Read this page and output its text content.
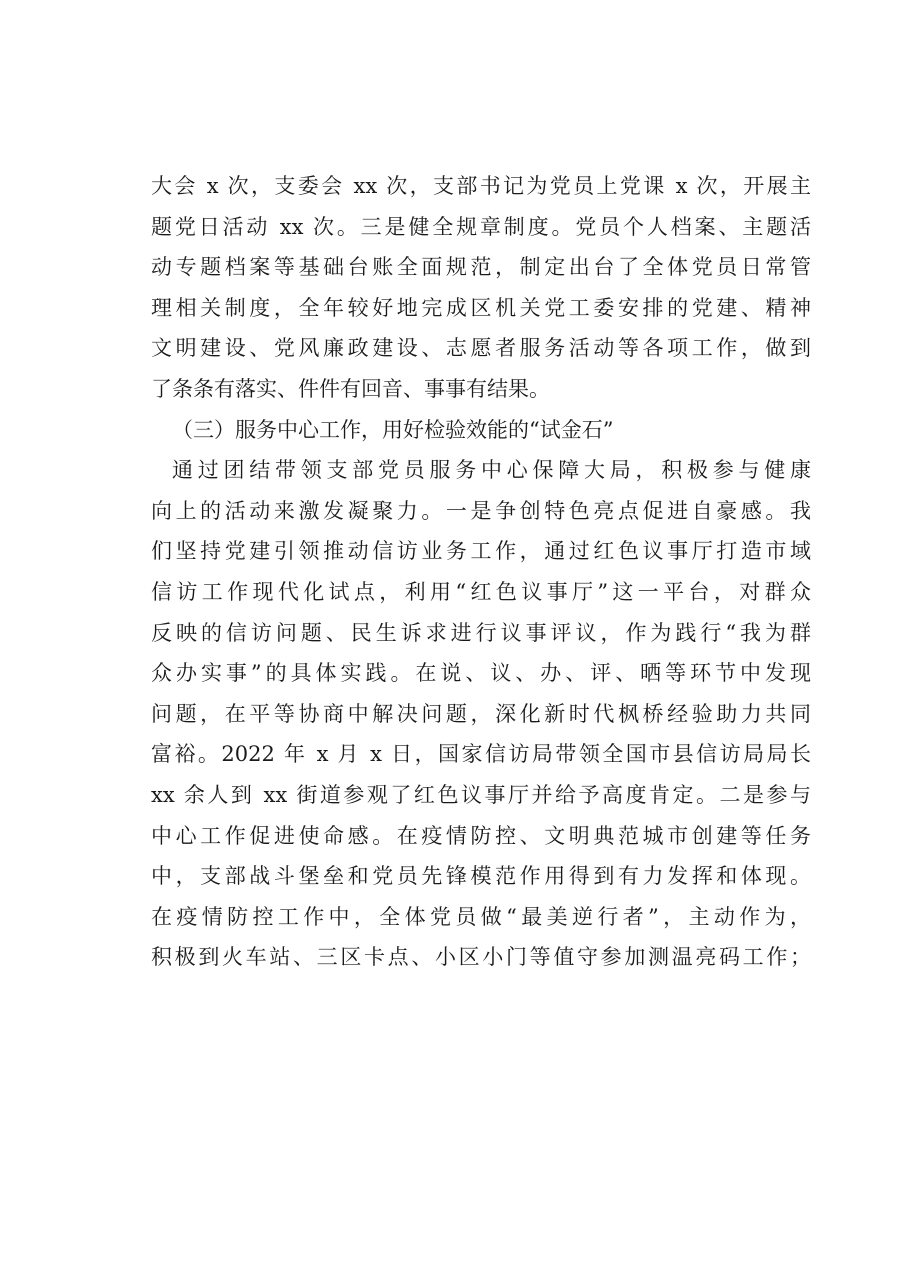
大会 x 次，支委会 xx 次，支部书记为党员上党课 x 次，开展主
题党日活动 xx 次。三是健全规章制度。党员个人档案、主题活
动专题档案等基础台账全面规范，制定出台了全体党员日常管
理相关制度，全年较好地完成区机关党工委安排的党建、精神
文明建设、党风廉政建设、志愿者服务活动等各项工作，做到
了条条有落实、件件有回音、事事有结果。
（三）服务中心工作，用好检验效能的“试金石”
通过团结带领支部党员服务中心保障大局，积极参与健康
向上的活动来激发凝聚力。一是争创特色亮点促进自豪感。我
们坚持党建引领推动信访业务工作，通过红色议事厅打造市域
信访工作现代化试点，利用“红色议事厅”这一平台，对群众
反映的信访问题、民生诉求进行议事评议，作为践行“我为群
众办实事”的具体实践。在说、议、办、评、晒等环节中发现
问题，在平等协商中解决问题，深化新时代枫桥经验助力共同
富裕。2022 年 x 月 x 日，国家信访局带领全国市县信访局局长
xx 余人到 xx 街道参观了红色议事厅并给予高度肯定。二是参与
中心工作促进使命感。在疫情防控、文明典范城市创建等任务
中，支部战斗堡垒和党员先锋模范作用得到有力发挥和体现。
在疫情防控工作中，全体党员做“最美逆行者”，主动作为，
积极到火车站、三区卡点、小区小门等值守参加测温亮码工作；
